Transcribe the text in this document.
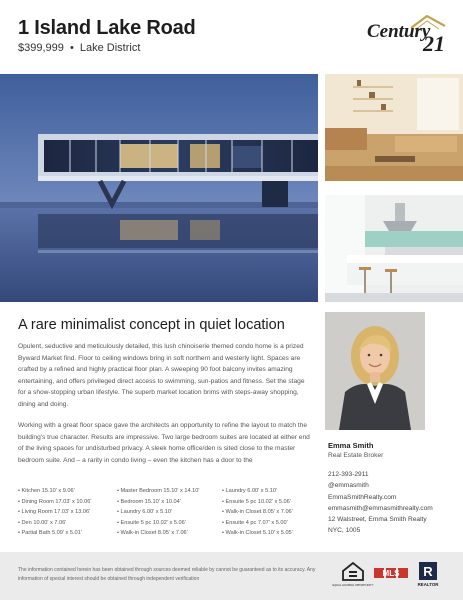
1 Island Lake Road
$399,999 • Lake District
Century
21
A rare minimalist concept in quiet location

Opulent, seductive and meticulously detailed, this lush chinoiserie themed condo home is a prized Byward Market find. Floor to ceiling windows bring in soft northern and westerly light. Spaces are crafted by a refined and highly practical floor plan. A sweeping 90 foot balcony invites amazing entertaining, and offers privileged direct access to swimming, sun-patios and fitness. Set the stage for a show-stopping urban lifestyle. The superb market location brims with steps-away shopping, dining and doing.

Working with a great floor space gave the architects an opportunity to refine the layout to match the building's true character. Results are impressive. Two large bedroom suites are located at either end of the living spaces for undisturbed privacy. A sleek home office/den is sited close to the master bedroom suite. And – a rarity in condo living – even the kitchen has a door to the

• Kitchen 15.10' x 9.06'
• Dining Room 17.03' x 10.06'
• Living Room 17.03' x 13.06'
• Den 10.00' x 7.06'
• Partial Bath 5.09' x 5.01'
• Master Bedroom 15.10' x 14.10'
• Bedroom 15.10' x 10.04'
• Laundry 6.00' x 5.10'
• Ensuite 5 pc 10.02' x 5.06'
• Walk-in Closet 8.05' x 7.06'
• Laundry 6.00' x 5.10'
• Ensuite 5 pc 10.02' x 5.06'
• Walk-in Closet 8.05' x 7.06'
• Ensuite 4 pc 7.07' x 5.00'
• Walk-in Closet 5.10' x 5.05'
Emma Smith
Real Estate Broker
212-393-2911
@emmasmith
EmmaSmithRealty.com
emmasmith@emmasmithrealty.com
12 Walstreet, Emma Smith Realty
NYC, 1005

The information contained herein has been obtained through sources deemed reliable by cannot be guaranteed as to its accuracy. Any information of special interest should be obtained through independent verification

EQUAL HOUSING OPPORTUNITY
MLS R
REALTOR
